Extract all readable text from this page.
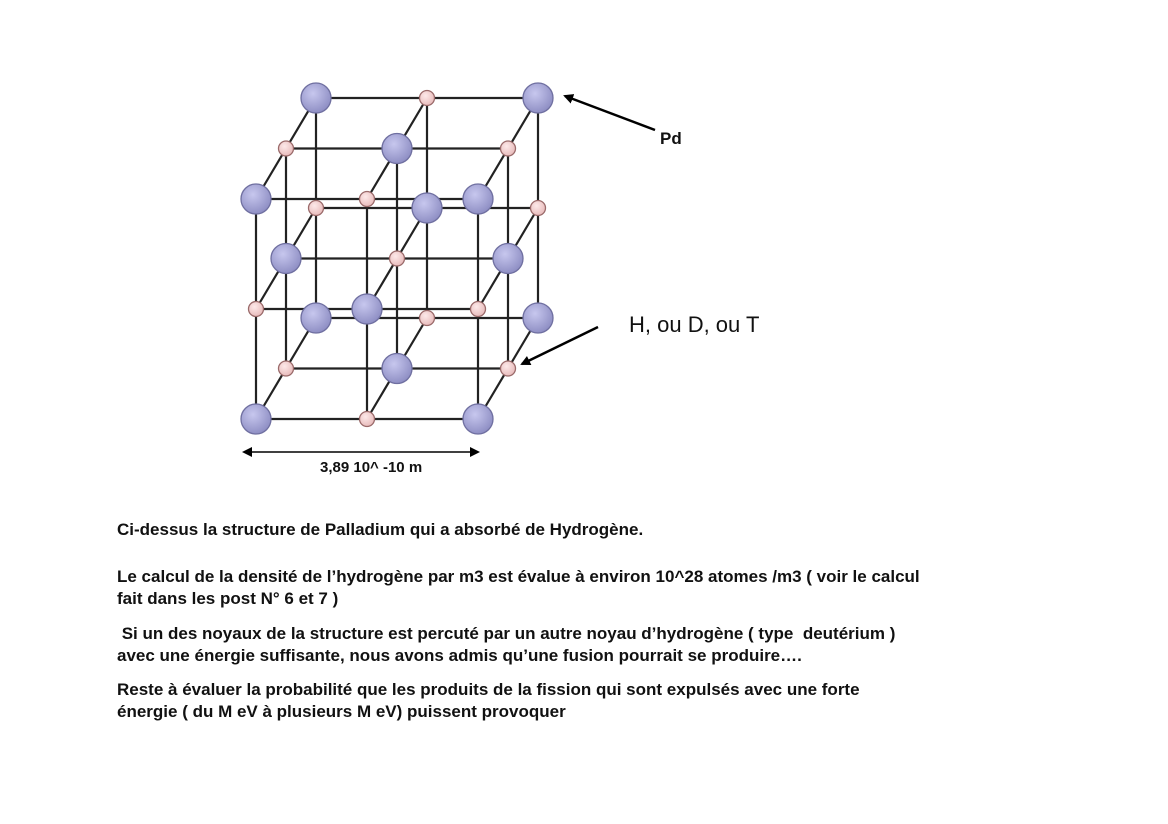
Pd
H, ou D, ou T
3,89 10^ -10 m

Ci-dessus la structure de Palladium qui a absorbé de Hydrogène.

Le calcul de la densité de l’hydrogène par m3 est évalue à environ 10^28 atomes /m3 ( voir le calcul
fait dans les post N° 6 et 7 )

Si un des noyaux de la structure est percuté par un autre noyau d’hydrogène ( type  deutérium )
avec une énergie suffisante, nous avons admis qu’une fusion pourrait se produire….

Reste à évaluer la probabilité que les produits de la fission qui sont expulsés avec une forte
énergie ( du M eV à plusieurs M eV) puissent provoquer
